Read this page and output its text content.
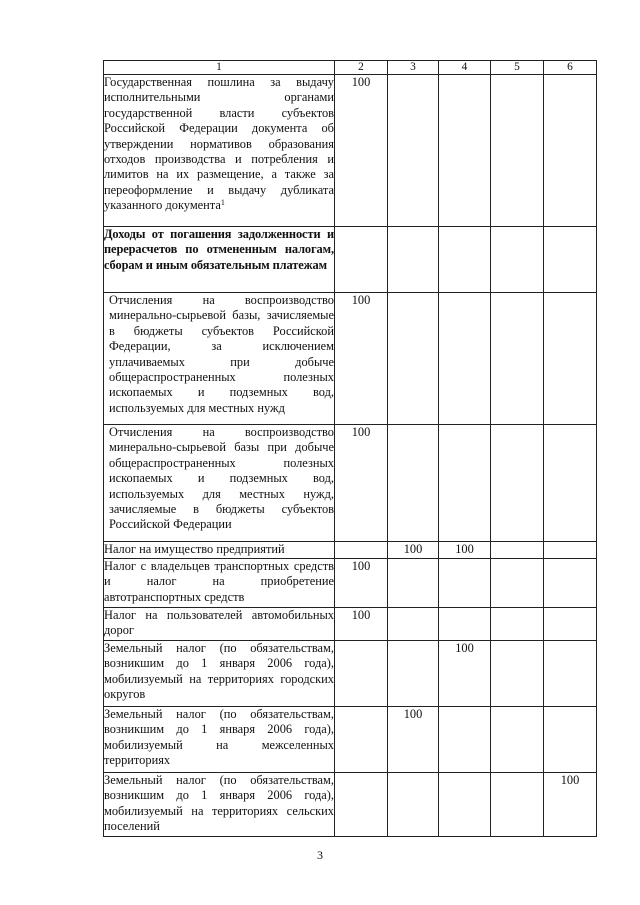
1	2	3	4	5	6
Государственная пошлина за выдачу исполнительными органами государственной власти субъектов Российской Федерации документа об утверждении нормативов образования отходов производства и потребления и лимитов на их размещение, а также за переоформление и выдачу дубликата указанного документа$^1$	100				
Доходы от погашения задолженности и перерасчетов по отмененным налогам, сборам и иным обязательным платежам					
Отчисления на воспроизводство минерально-сырьевой базы, зачисляемые в бюджеты субъектов Российской Федерации, за исключением уплачиваемых при добыче общераспространенных полезных ископаемых и подземных вод, используемых для местных нужд	100				
Отчисления на воспроизводство минерально-сырьевой базы при добыче общераспространенных полезных ископаемых и подземных вод, используемых для местных нужд, зачисляемые в бюджеты субъектов Российской Федерации	100				
Налог на имущество предприятий		100	100		
Налог с владельцев транспортных средств и налог на приобретение автотранспортных средств	100				
Налог на пользователей автомобильных дорог	100				
Земельный налог (по обязательствам, возникшим до 1 января 2006 года), мобилизуемый на территориях городских округов			100		
Земельный налог (по обязательствам, возникшим до 1 января 2006 года), мобилизуемый на межселенных территориях		100			
Земельный налог (по обязательствам, возникшим до 1 января 2006 года), мобилизуемый на территориях сельских поселений					100
3
